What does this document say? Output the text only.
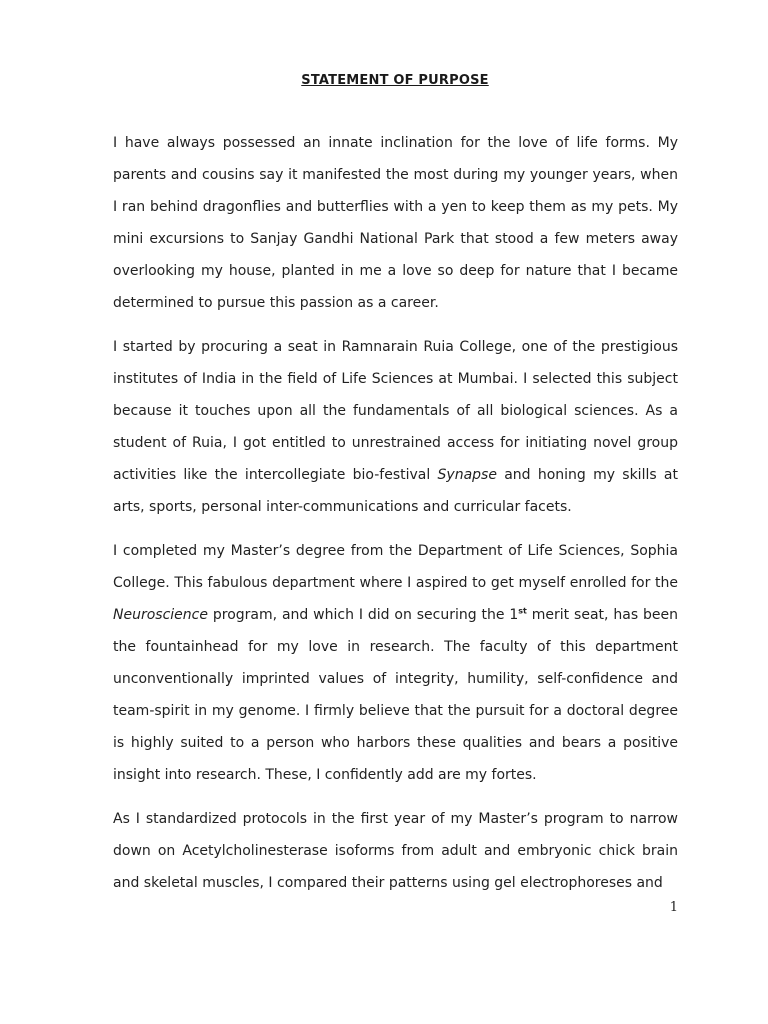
STATEMENT OF PURPOSE

I have always possessed an innate inclination for the love of life forms. My parents and cousins say it manifested the most during my younger years, when I ran behind dragonflies and butterflies with a yen to keep them as my pets. My mini excursions to Sanjay Gandhi National Park that stood a few meters away overlooking my house, planted in me a love so deep for nature that I became determined to pursue this passion as a career.

I started by procuring a seat in Ramnarain Ruia College, one of the prestigious institutes of India in the field of Life Sciences at Mumbai. I selected this subject because it touches upon all the fundamentals of all biological sciences. As a student of Ruia, I got entitled to unrestrained access for initiating novel group activities like the intercollegiate bio-festival Synapse and honing my skills at arts, sports, personal inter-communications and curricular facets.

I completed my Master’s degree from the Department of Life Sciences, Sophia College. This fabulous department where I aspired to get myself enrolled for the Neuroscience program, and which I did on securing the 1st merit seat, has been the fountainhead for my love in research. The faculty of this department unconventionally imprinted values of integrity, humility, self-confidence and team-spirit in my genome. I firmly believe that the pursuit for a doctoral degree is highly suited to a person who harbors these qualities and bears a positive insight into research. These, I confidently add are my fortes.

As I standardized protocols in the first year of my Master’s program to narrow down on Acetylcholinesterase isoforms from adult and embryonic chick brain and skeletal muscles, I compared their patterns using gel electrophoreses and

1
